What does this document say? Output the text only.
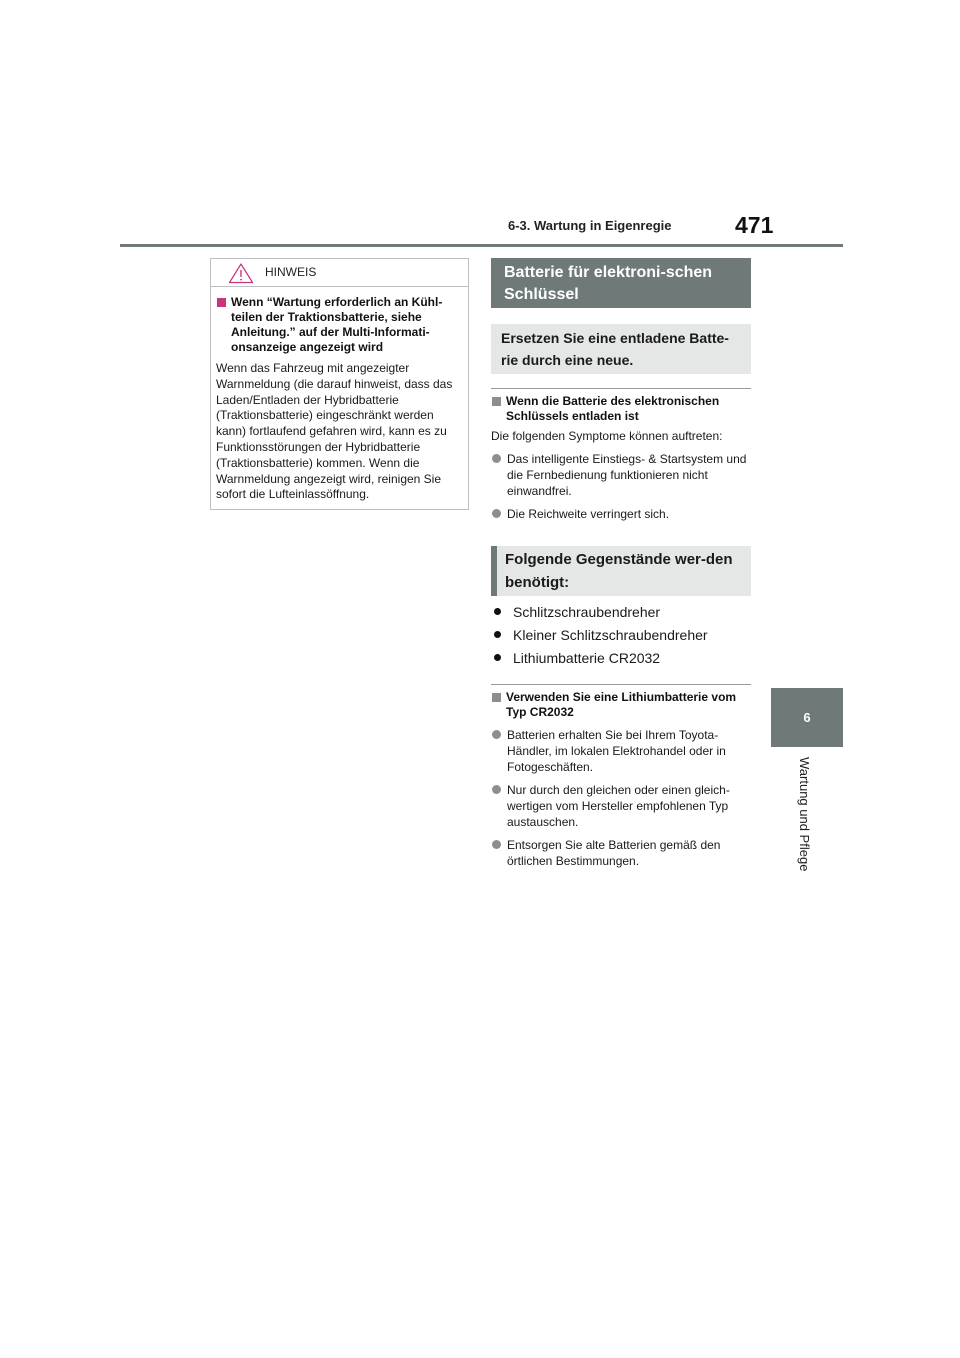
6-3. Wartung in Eigenregie	471
6
Wartung und Pflege
HINWEIS
Wenn “Wartung erforderlich an Kühl-teilen der Traktionsbatterie, siehe Anleitung.” auf der Multi-Informati-onsanzeige angezeigt wird
Wenn das Fahrzeug mit angezeigter Warnmeldung (die darauf hinweist, dass das Laden/Entladen der Hybridbatterie (Traktionsbatterie) eingeschränkt werden kann) fortlaufend gefahren wird, kann es zu Funktionsstörungen der Hybridbatterie (Traktionsbatterie) kommen. Wenn die Warnmeldung angezeigt wird, reinigen Sie sofort die Lufteinlassöffnung.
Batterie für elektroni-schen Schlüssel
Ersetzen Sie eine entladene Batte-rie durch eine neue.
Wenn die Batterie des elektronischen Schlüssels entladen ist
Die folgenden Symptome können auftreten:
Das intelligente Einstiegs- & Startsystem und die Fernbedienung funktionieren nicht einwandfrei.
Die Reichweite verringert sich.
Folgende Gegenstände wer-den benötigt:
Schlitzschraubendreher
Kleiner Schlitzschraubendreher
Lithiumbatterie CR2032
Verwenden Sie eine Lithiumbatterie vom Typ CR2032
Batterien erhalten Sie bei Ihrem Toyota-Händler, im lokalen Elektrohandel oder in Fotogeschäften.
Nur durch den gleichen oder einen gleich-wertigen vom Hersteller empfohlenen Typ austauschen.
Entsorgen Sie alte Batterien gemäß den örtlichen Bestimmungen.
